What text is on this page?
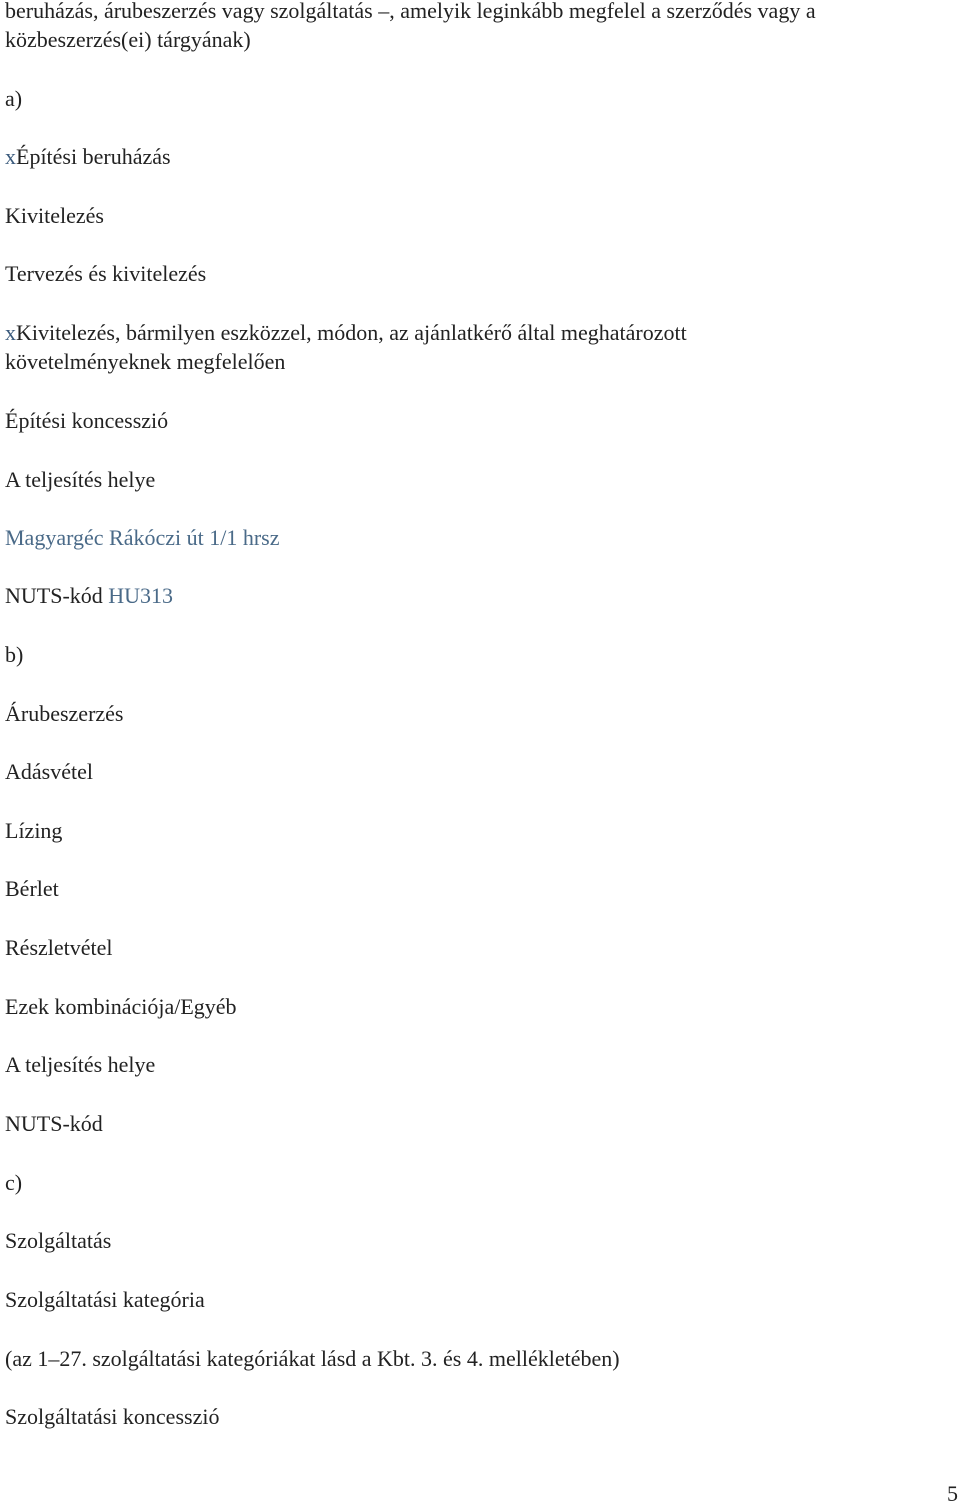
beruházás, árubeszerzés vagy szolgáltatás –, amelyik leginkább megfelel a szerződés vagy a
közbeszerzés(ei) tárgyának)
a)
xÉpítési beruházás
Kivitelezés
Tervezés és kivitelezés
xKivitelezés, bármilyen eszközzel, módon, az ajánlatkérő által meghatározott
követelményeknek megfelelően
Építési koncesszió
A teljesítés helye
Magyargéc Rákóczi út 1/1 hrsz
NUTS-kód HU313
b)
Árubeszerzés
Adásvétel
Lízing
Bérlet
Részletvétel
Ezek kombinációja/Egyéb
A teljesítés helye
NUTS-kód
c)
Szolgáltatás
Szolgáltatási kategória
(az 1–27. szolgáltatási kategóriákat lásd a Kbt. 3. és 4. mellékletében)
Szolgáltatási koncesszió
5
